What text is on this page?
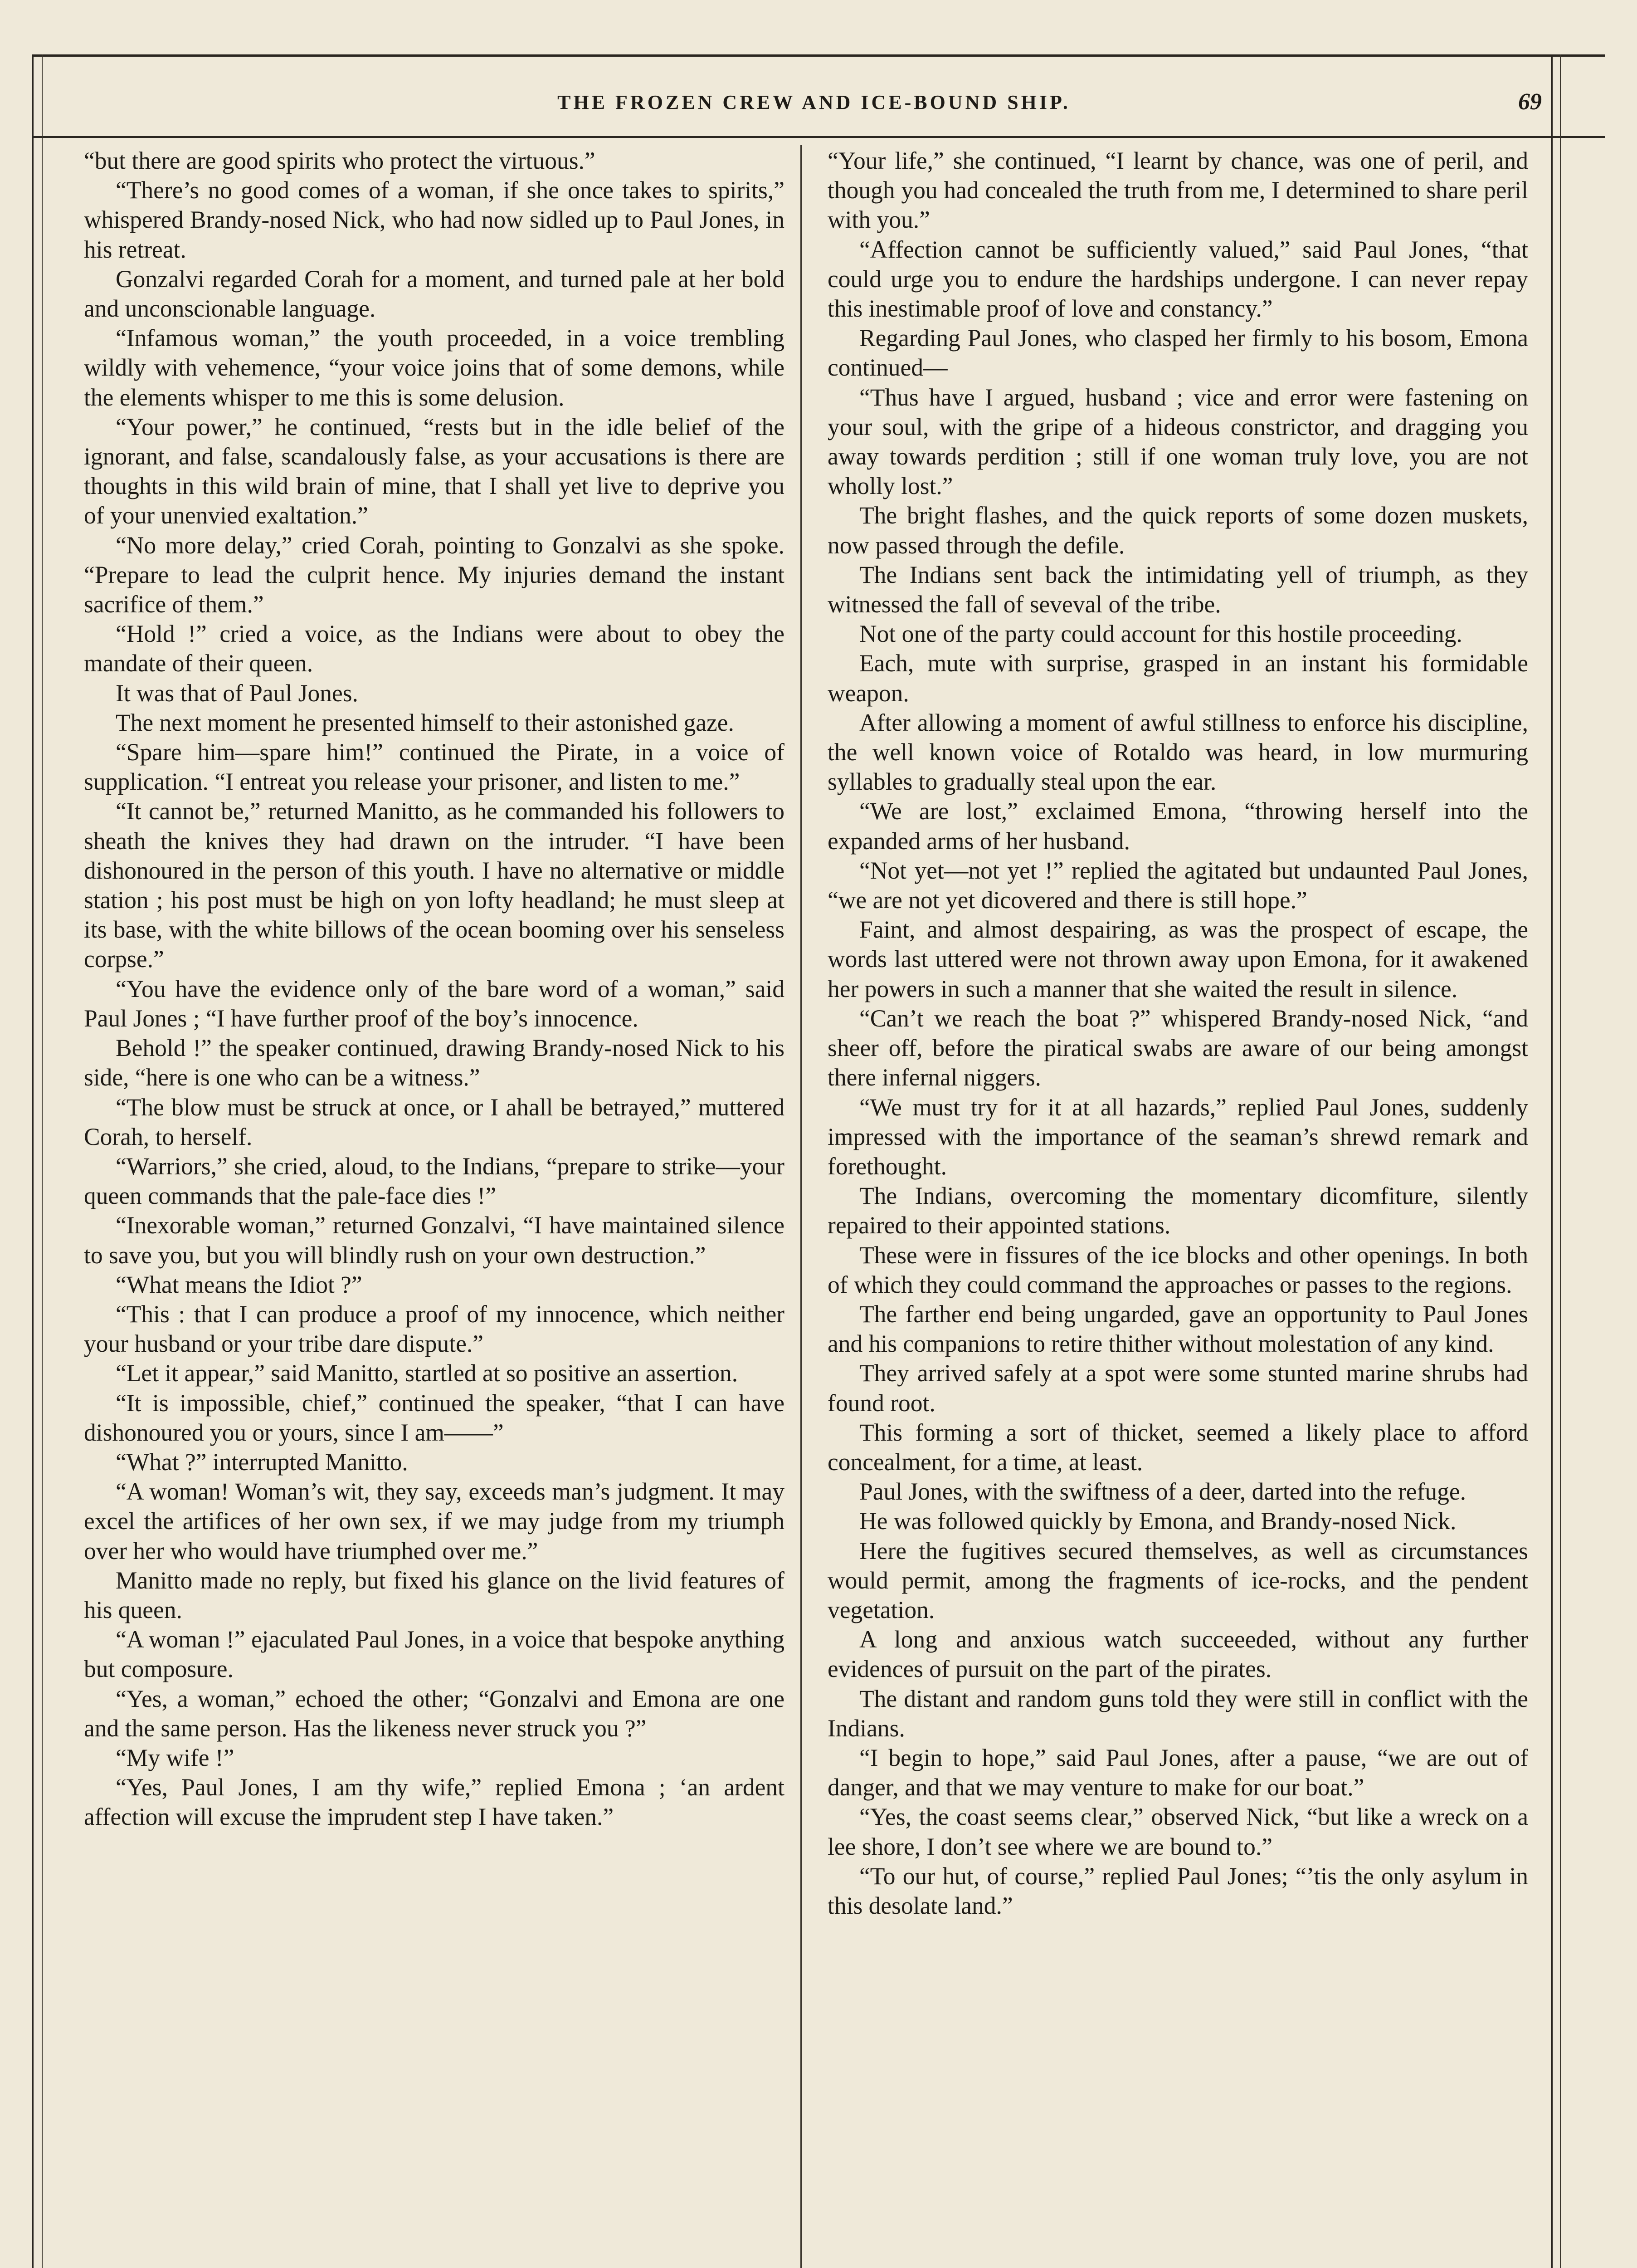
THE FROZEN CREW AND ICE-BOUND SHIP.	69

“but there are good spirits who protect the virtuous.”

“There’s no good comes of a woman, if she once takes to spirits,” whispered Brandy-nosed Nick, who had now sidled up to Paul Jones, in his retreat.

Gonzalvi regarded Corah for a moment, and turned pale at her bold and unconscionable language.

“Infamous woman,” the youth proceeded, in a voice trembling wildly with vehemence, “your voice joins that of some demons, while the elements whisper to me this is some delusion.

“Your power,” he continued, “rests but in the idle belief of the ignorant, and false, scandalously false, as your accusations is there are thoughts in this wild brain of mine, that I shall yet live to deprive you of your unenvied exaltation.”

“No more delay,” cried Corah, pointing to Gonzalvi as she spoke. “Prepare to lead the culprit hence. My injuries demand the instant sacrifice of them.”

“Hold !” cried a voice, as the Indians were about to obey the mandate of their queen.

It was that of Paul Jones.

The next moment he presented himself to their astonished gaze.

“Spare him—spare him!” continued the Pirate, in a voice of supplication. “I entreat you release your prisoner, and listen to me.”

“It cannot be,” returned Manitto, as he commanded his followers to sheath the knives they had drawn on the intruder. “I have been dishonoured in the person of this youth. I have no alternative or middle station ; his post must be high on yon lofty headland; he must sleep at its base, with the white billows of the ocean booming over his senseless corpse.”

“You have the evidence only of the bare word of a woman,” said Paul Jones ; “I have further proof of the boy’s innocence.

Behold !” the speaker continued, drawing Brandy-nosed Nick to his side, “here is one who can be a witness.”

“The blow must be struck at once, or I ahall be betrayed,” muttered Corah, to herself.

“Warriors,” she cried, aloud, to the Indians, “prepare to strike—your queen commands that the pale-face dies !”

“Inexorable woman,” returned Gonzalvi, “I have maintained silence to save you, but you will blindly rush on your own destruction.”

“What means the Idiot ?”

“This : that I can produce a proof of my innocence, which neither your husband or your tribe dare dispute.”

“Let it appear,” said Manitto, startled at so positive an assertion.

“It is impossible, chief,” continued the speaker, “that I can have dishonoured you or yours, since I am——”

“What ?” interrupted Manitto.

“A woman! Woman’s wit, they say, exceeds man’s judgment. It may excel the artifices of her own sex, if we may judge from my triumph over her who would have triumphed over me.”

Manitto made no reply, but fixed his glance on the livid features of his queen.

“A woman !” ejaculated Paul Jones, in a voice that bespoke anything but composure.

“Yes, a woman,” echoed the other; “Gonzalvi and Emona are one and the same person. Has the likeness never struck you ?”

“My wife !”

“Yes, Paul Jones, I am thy wife,” replied Emona ; ‘an ardent affection will excuse the imprudent step I have taken.”

“Your life,” she continued, “I learnt by chance, was one of peril, and though you had concealed the truth from me, I determined to share peril with you.”

“Affection cannot be sufficiently valued,” said Paul Jones, “that could urge you to endure the hardships undergone. I can never repay this inestimable proof of love and constancy.”

Regarding Paul Jones, who clasped her firmly to his bosom, Emona continued—

“Thus have I argued, husband ; vice and error were fastening on your soul, with the gripe of a hideous constrictor, and dragging you away towards perdition ; still if one woman truly love, you are not wholly lost.”

The bright flashes, and the quick reports of some dozen muskets, now passed through the defile.

The Indians sent back the intimidating yell of triumph, as they witnessed the fall of seveval of the tribe.

Not one of the party could account for this hostile proceeding.

Each, mute with surprise, grasped in an instant his formidable weapon.

After allowing a moment of awful stillness to enforce his discipline, the well known voice of Rotaldo was heard, in low murmuring syllables to gradually steal upon the ear.

“We are lost,” exclaimed Emona, “throwing herself into the expanded arms of her husband.

“Not yet—not yet !” replied the agitated but undaunted Paul Jones, “we are not yet dicovered and there is still hope.”

Faint, and almost despairing, as was the prospect of escape, the words last uttered were not thrown away upon Emona, for it awakened her powers in such a manner that she waited the result in silence.

“Can’t we reach the boat ?” whispered Brandy-nosed Nick, “and sheer off, before the piratical swabs are aware of our being amongst there infernal niggers.

“We must try for it at all hazards,” replied Paul Jones, suddenly impressed with the importance of the seaman’s shrewd remark and forethought.

The Indians, overcoming the momentary dicomfiture, silently repaired to their appointed stations.

These were in fissures of the ice blocks and other openings. In both of which they could command the approaches or passes to the regions.

The farther end being ungarded, gave an opportunity to Paul Jones and his companions to retire thither without molestation of any kind.

They arrived safely at a spot were some stunted marine shrubs had found root.

This forming a sort of thicket, seemed a likely place to afford concealment, for a time, at least.

Paul Jones, with the swiftness of a deer, darted into the refuge.

He was followed quickly by Emona, and Brandy-nosed Nick.

Here the fugitives secured themselves, as well as circumstances would permit, among the fragments of ice-rocks, and the pendent vegetation.

A long and anxious watch succeeeded, without any further evidences of pursuit on the part of the pirates.

The distant and random guns told they were still in conflict with the Indians.

“I begin to hope,” said Paul Jones, after a pause, “we are out of danger, and that we may venture to make for our boat.”

“Yes, the coast seems clear,” observed Nick, “but like a wreck on a lee shore, I don’t see where we are bound to.”

“To our hut, of course,” replied Paul Jones; “’tis the only asylum in this desolate land.”
